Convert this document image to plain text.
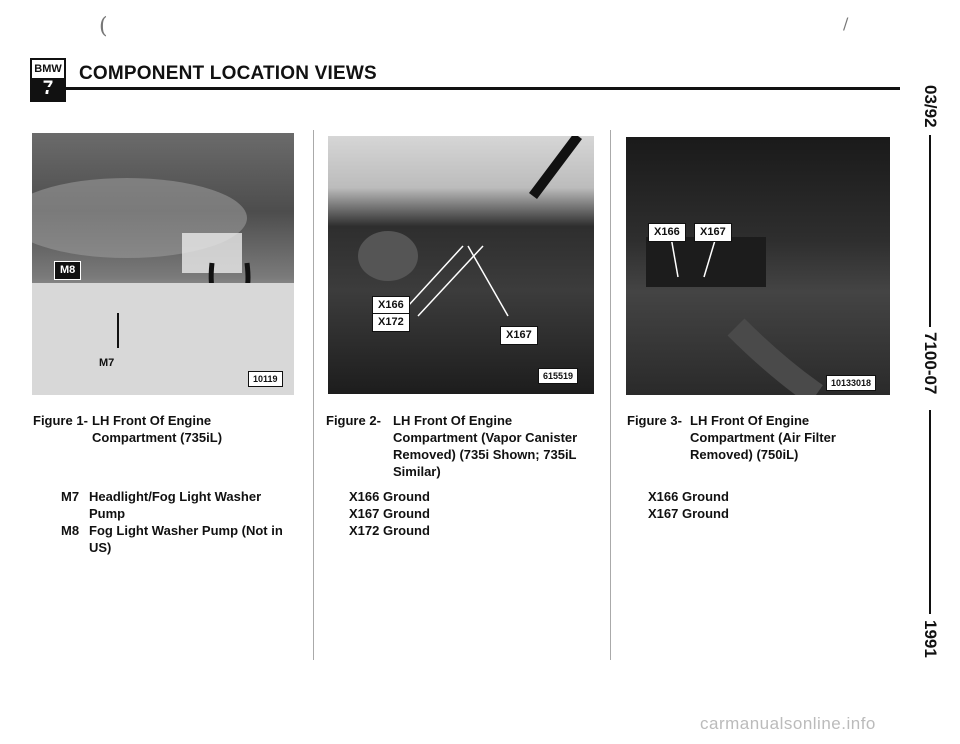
(	/
BMW COMPONENT LOCATION VIEWS
03/92
7100-07
1991
M8
M7
10119
X166
X172
X167
615519
X166	X167
10133018
Figure 1- LH Front Of Engine
Compartment (735iL)
M7 Headlight/Fog Light Washer
Pump
M8 Fog Light Washer Pump (Not in
US)
Figure 2- LH Front Of Engine
Compartment (Vapor Canister
Removed) (735i Shown; 735iL
Similar)
X166 Ground
X167 Ground
X172 Ground
Figure 3- LH Front Of Engine
Compartment (Air Filter
Removed) (750iL)
X166 Ground
X167 Ground
carmanualsonline.info
